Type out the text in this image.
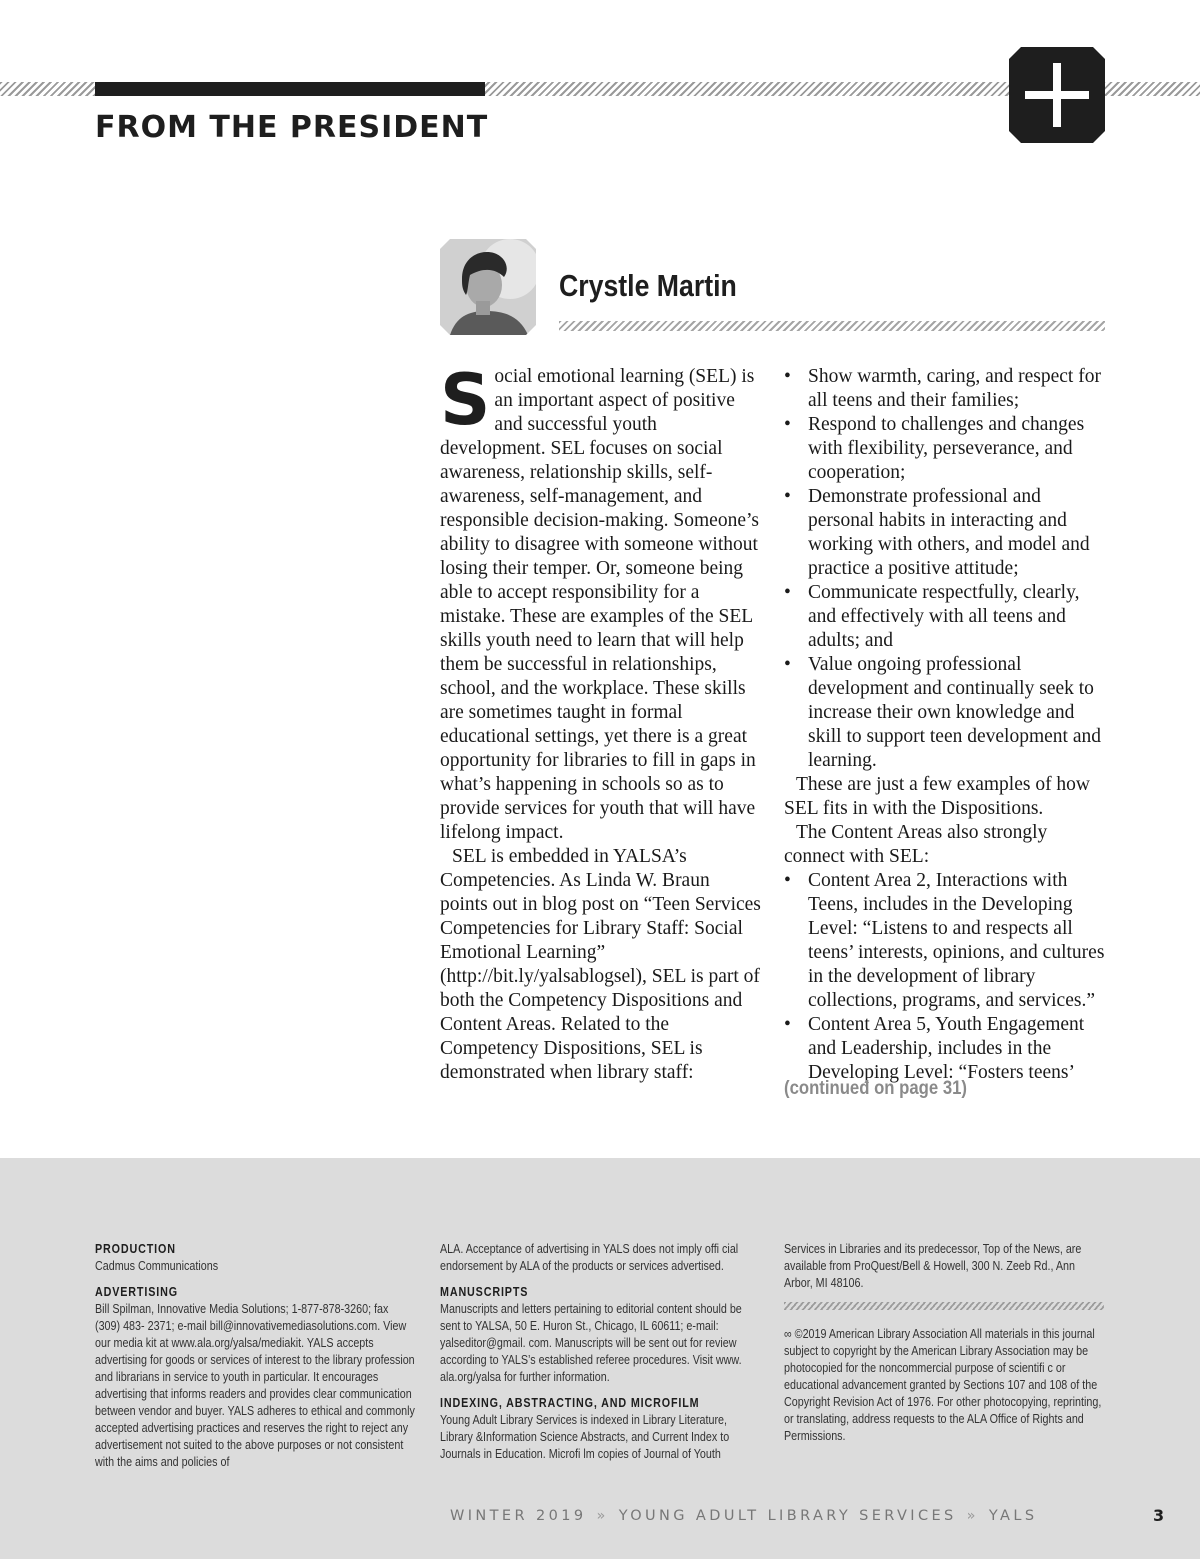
FROM THE PRESIDENT
Crystle Martin
S ocial emotional learning (SEL) is an important aspect of positive and successful youth development. SEL focuses on social awareness, relationship skills, self-awareness, self-management, and responsible decision-making. Someone’s ability to disagree with someone without losing their temper. Or, someone being able to accept responsibility for a mistake. These are examples of the SEL skills youth need to learn that will help them be successful in relationships, school, and the workplace. These skills are sometimes taught in formal educational settings, yet there is a great opportunity for libraries to fill in gaps in what’s happening in schools so as to provide services for youth that will have lifelong impact.

SEL is embedded in YALSA’s Competencies. As Linda W. Braun points out in blog post on “Teen Services Competencies for Library Staff: Social Emotional Learning” (http://bit.ly/yalsablogsel), SEL is part of both the Competency Dispositions and Content Areas. Related to the Competency Dispositions, SEL is demonstrated when library staff:

• Show warmth, caring, and respect for all teens and their families;
• Respond to challenges and changes with flexibility, perseverance, and cooperation;
• Demonstrate professional and personal habits in interacting and working with others, and model and practice a positive attitude;
• Communicate respectfully, clearly, and effectively with all teens and adults; and
• Value ongoing professional development and continually seek to increase their own knowledge and skill to support teen development and learning.

These are just a few examples of how SEL fits in with the Dispositions.

The Content Areas also strongly connect with SEL:

• Content Area 2, Interactions with Teens, includes in the Developing Level: “Listens to and respects all teens’ interests, opinions, and cultures in the development of library collections, programs, and services.”
• Content Area 5, Youth Engagement and Leadership, includes in the Developing Level: “Fosters teens’
(continued on page 31)
PRODUCTION

Cadmus Communications

ADVERTISING

Bill Spilman, Innovative Media Solutions; 1-877-878-3260; fax (309) 483- 2371; e-mail bill@innovativemediasolutions.com. View our media kit at www.ala.org/yalsa/mediakit. YALS accepts advertising for goods or services of interest to the library profession and librarians in service to youth in particular. It encourages advertising that informs readers and provides clear communication between vendor and buyer. YALS adheres to ethical and commonly accepted advertising practices and reserves the right to reject any advertisement not suited to the above purposes or not consistent with the aims and policies of

ALA. Acceptance of advertising in YALS does not imply offi cial endorsement by ALA of the products or services advertised.

MANUSCRIPTS

Manuscripts and letters pertaining to editorial content should be sent to YALSA, 50 E. Huron St., Chicago, IL 60611; e-mail: yalseditor@gmail. com. Manuscripts will be sent out for review according to YALS’s established referee procedures. Visit www. ala.org/yalsa for further information.

INDEXING, ABSTRACTING, AND MICROFILM

Young Adult Library Services is indexed in Library Literature, Library &Information Science Abstracts, and Current Index to Journals in Education. Microfi lm copies of Journal of Youth

Services in Libraries and its predecessor, Top of the News, are available from ProQuest/Bell & Howell, 300 N. Zeeb Rd., Ann Arbor, MI 48106.

∞ ©2019 American Library Association All materials in this journal subject to copyright by the American Library Association may be photocopied for the noncommercial purpose of scientifi c or educational advancement granted by Sections 107 and 108 of the Copyright Revision Act of 1976. For other photocopying, reprinting, or translating, address requests to the ALA Office of Rights and Permissions.

WINTER 2019 » YOUNG ADULT LIBRARY SERVICES » YALS	3
